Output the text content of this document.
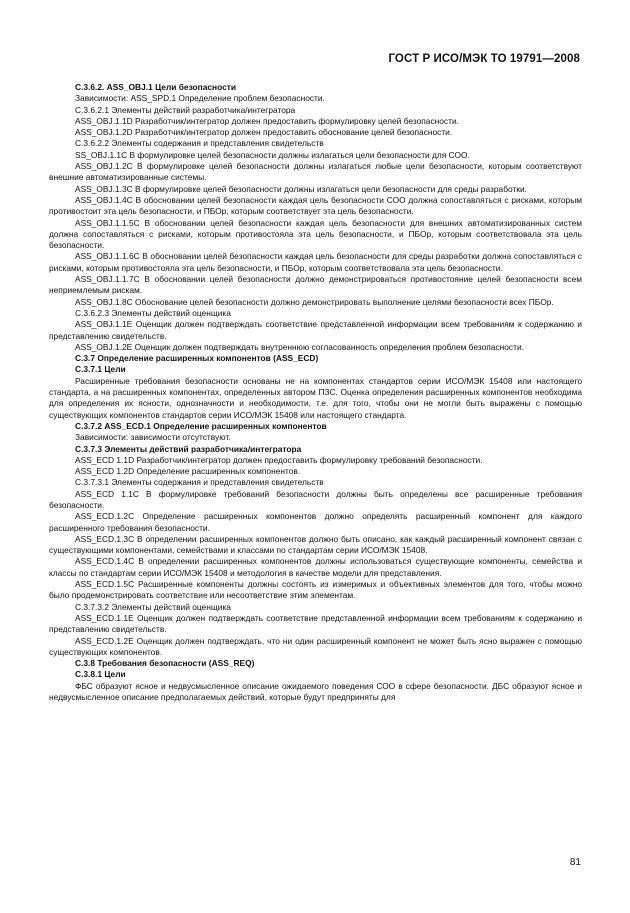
ГОСТ Р ИСО/МЭК ТО 19791—2008

С.3.6.2. ASS_OBJ.1 Цели безопасности

Зависимости: ASS_SPD.1 Определение проблем безопасности.

С.3.6.2.1 Элементы действий разработчика/интегратора

ASS_OBJ.1.1D Разработчик/интегратор должен предоставить формулировку целей безопасности.

ASS_OBJ.1.2D Разработчик/интегратор должен предоставить обоснование целей безопасности.

С.3.6.2.2 Элементы содержания и представления свидетельств

SS_OBJ.1.1C В формулировке целей безопасности должны излагаться цели безопасности для СОО.

ASS_OBJ.1.2C В формулировке целей безопасности должны излагаться любые цели безопасности, которым соответствуют внешние автоматизированные системы.

ASS_OBJ.1.3C В формулировке целей безопасности должны излагаться цели безопасности для среды разработки.

ASS_OBJ.1.4C В обосновании целей безопасности каждая цель безопасности СОО должна сопоставляться с рисками, которым противостоит эта цель безопасности, и ПБОр, которым соответствует эта цель безопасности.

ASS_OBJ.1.1.5C В обосновании целей безопасности каждая цель безопасности для внешних автоматизированных систем должна сопоставляться с рисками, которым противостояла эта цель безопасности, и ПБОр, которым соответствовала эта цель безопасности.

ASS_OBJ.1.1.6C В обосновании целей безопасности каждая цель безопасности для среды разработки должна сопоставляться с рисками, которым противостояла эта цель безопасности, и ПБОр, которым соответствовала эта цель безопасности.

ASS_OBJ.1.1.7C В обосновании целей безопасности должно демонстрироваться противостояние целей безопасности всем неприемлемым рискам.

ASS_OBJ.1.8C Обоснование целей безопасности должно демонстрировать выполнение целями безопасности всех ПБОр.

С.3.6.2.3 Элементы действий оценщика

ASS_OBJ.1.1E Оценщик должен подтверждать соответствие представленной информации всем требованиям к содержанию и представлению свидетельств.

ASS_OBJ.1.2E Оценщик должен подтверждать внутреннюю согласованность определения проблем безопасности.

С.3.7 Определение расширенных компонентов (ASS_ECD)

С.3.7.1 Цели

Расширенные требования безопасности основаны не на компонентах стандартов серии ИСО/МЭК 15408 или настоящего стандарта, а на расширенных компонентах, определенных автором ПЗС. Оценка определения расширенных компонентов необходима для определения их ясности, однозначности и необходимости, т.е. для того, чтобы они не могли быть выражены с помощью существующих компонентов стандартов серии ИСО/МЭК 15408 или настоящего стандарта.

С.3.7.2 ASS_ECD.1 Определение расширенных компонентов

Зависимости: зависимости отсутствуют.

С.3.7.3 Элементы действий разработчика/интегратора

ASS_ECD 1.1D Разработчик/интегратор должен предоставить формулировку требований безопасности.

ASS_ECD 1.2D Определение расширенных компонентов.

С.3.7.3.1 Элементы содержания и представления свидетельств

ASS_ECD 1.1C В формулировке требований безопасности должны быть определены все расширенные требования безопасности.

ASS_ECD.1.2C Определение расширенных компонентов должно определять расширенный компонент для каждого расширенного требования безопасности.

ASS_ECD.1.3C В определении расширенных компонентов должно быть описано, как каждый расширенный компонент связан с существующими компонентами, семействами и классами по стандартам серии ИСО/МЭК 15408.

ASS_ECD.1.4C В определении расширенных компонентов должны использоваться существующие компоненты, семейства и классы по стандартам серии ИСО/МЭК 15408 и методология в качестве модели для представления.

ASS_ECD.1.5C Расширенные компоненты должны состоять из измеримых и объективных элементов для того, чтобы можно было продемонстрировать соответствие или несоответствие этим элементам.

С.3.7.3.2 Элементы действий оценщика

ASS_ECD.1.1E Оценщик должен подтверждать соответствие представленной информации всем требованиям к содержанию и представлению свидетельств.

ASS_ECD.1.2E Оценщик должен подтверждать, что ни один расширенный компонент не может быть ясно выражен с помощью существующих компонентов.

С.3.8 Требования безопасности (ASS_REQ)

С.3.8.1 Цели

ФБС образуют ясное и недвусмысленное описание ожидаемого поведения СОО в сфере безопасности. ДБС образуют ясное и недвусмысленное описание предполагаемых действий, которые будут предприняты для

81
